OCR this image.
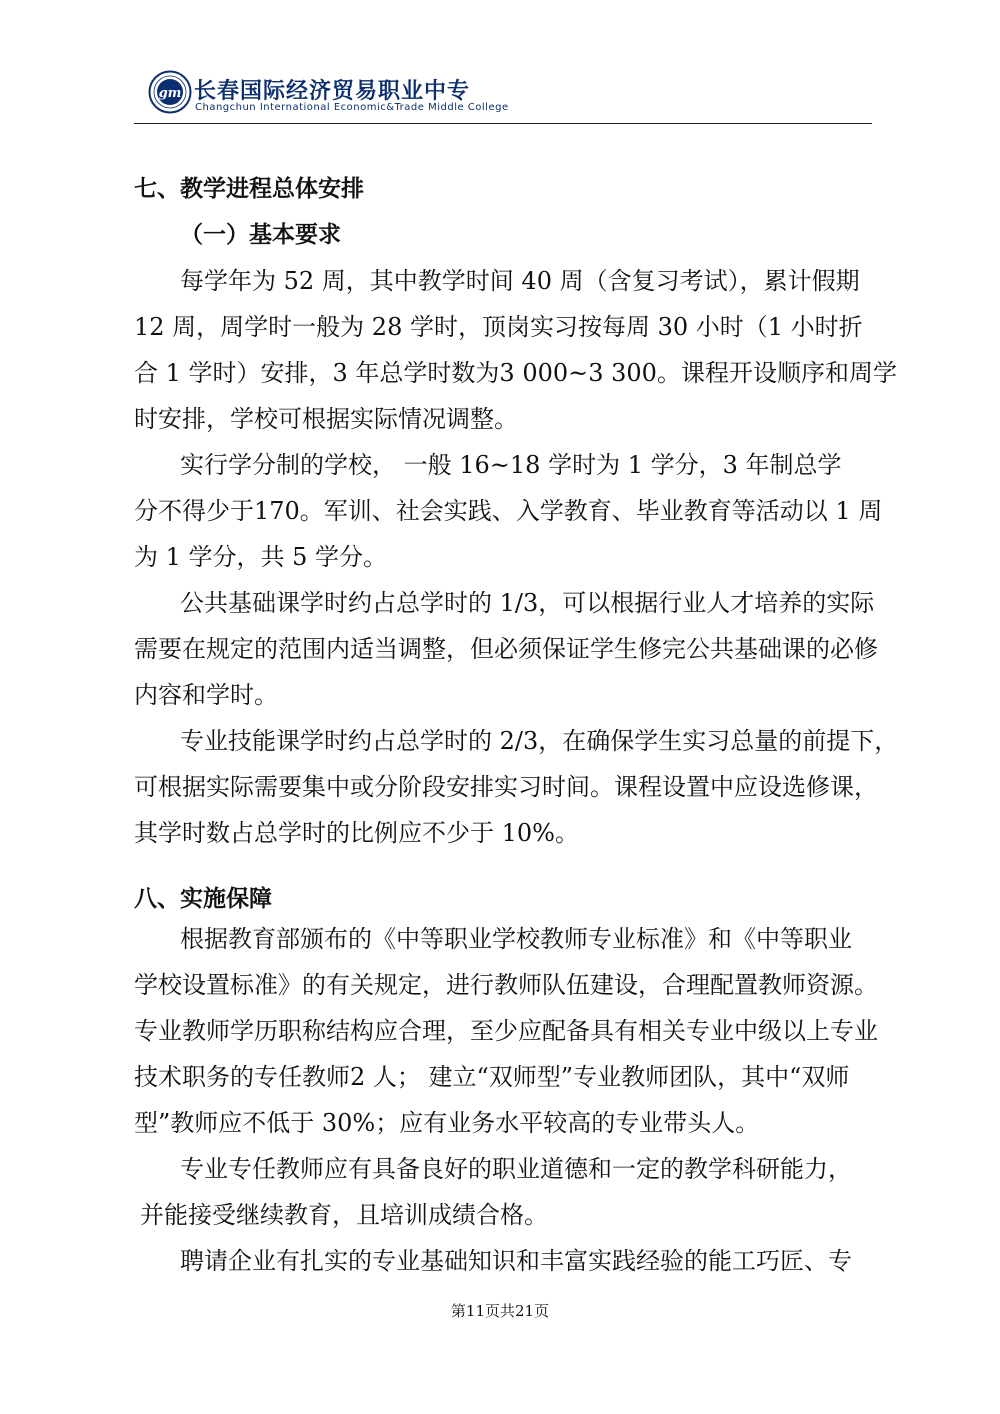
gm 长春国际经济贸易职业中专
Changchun International Economic&Trade Middle College
七、教学进程总体安排
（一）基本要求
每学年为 52 周，其中教学时间 40 周（含复习考试），累计假期
12 周，周学时一般为 28 学时，顶岗实习按每周 30 小时（1 小时折
合 1 学时）安排，3 年总学时数为3 000~3 300。课程开设顺序和周学
时安排，学校可根据实际情况调整。
实行学分制的学校， 一般 16~18 学时为 1 学分，3 年制总学
分不得少于170。军训、社会实践、入学教育、毕业教育等活动以 1 周
为 1 学分，共 5 学分。
公共基础课学时约占总学时的 1/3，可以根据行业人才培养的实际
需要在规定的范围内适当调整，但必须保证学生修完公共基础课的必修
内容和学时。
专业技能课学时约占总学时的 2/3，在确保学生实习总量的前提下，
可根据实际需要集中或分阶段安排实习时间。课程设置中应设选修课，
其学时数占总学时的比例应不少于 10%。
八、实施保障
根据教育部颁布的《中等职业学校教师专业标准》和《中等职业
学校设置标准》的有关规定，进行教师队伍建设，合理配置教师资源。
专业教师学历职称结构应合理，至少应配备具有相关专业中级以上专业
技术职务的专任教师2 人； 建立“双师型”专业教师团队，其中“双师
型”教师应不低于 30%；应有业务水平较高的专业带头人。
专业专任教师应有具备良好的职业道德和一定的教学科研能力，
并能接受继续教育，且培训成绩合格。
聘请企业有扎实的专业基础知识和丰富实践经验的能工巧匠、专
第11页共21页
